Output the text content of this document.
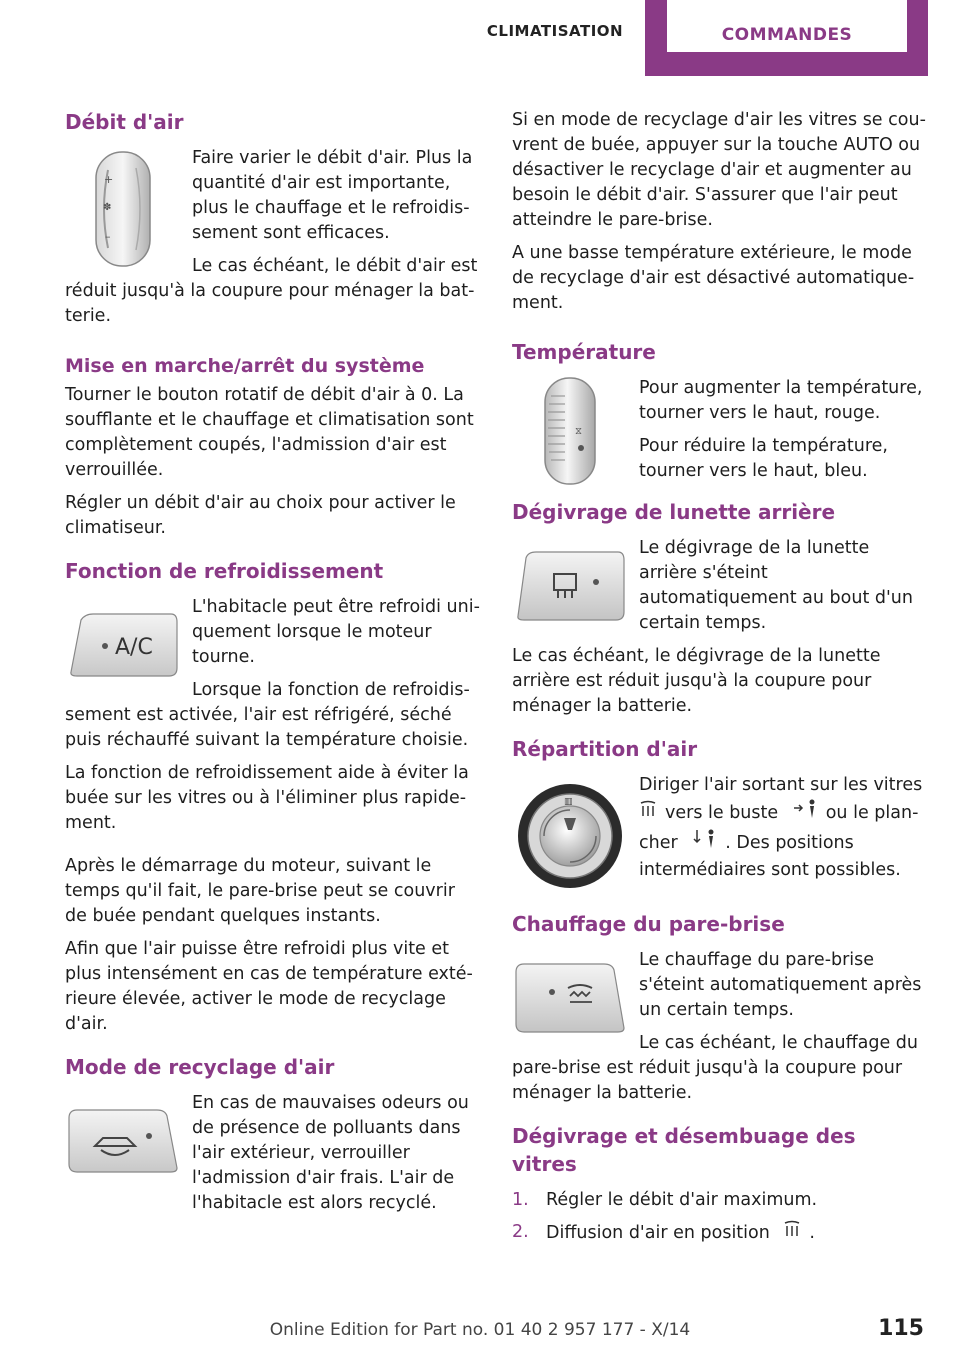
CLIMATISATION	COMMANDES
Débit d'air
+
✽
–

Faire varier le débit d'air. Plus la quantité d'air est importante, plus le chauffage et le refroidissement sont efficaces.

Le cas échéant, le débit d'air est réduit jusqu'à la coupure pour ménager la batterie.

Mise en marche/arrêt du système

Tourner le bouton rotatif de débit d'air à 0. La soufflante et le chauffage et climatisation sont complètement coupés, l'admission d'air est verrouillée.

Régler un débit d'air au choix pour activer le climatiseur.

Fonction de refroidissement
A/C

L'habitacle peut être refroidi uniquement lorsque le moteur tourne.

Lorsque la fonction de refroidissement est activée, l'air est réfrigéré, séché puis réchauffé suivant la température choisie.

La fonction de refroidissement aide à éviter la buée sur les vitres ou à l'éliminer plus rapidement.

Après le démarrage du moteur, suivant le temps qu'il fait, le pare-brise peut se couvrir de buée pendant quelques instants.

Afin que l'air puisse être refroidi plus vite et plus intensément en cas de température extérieure élevée, activer le mode de recyclage d'air.

Mode de recyclage d'air

En cas de mauvaises odeurs ou de présence de polluants dans l'air extérieur, verrouiller l'admission d'air frais. L'air de l'habitacle est alors recyclé.

Si en mode de recyclage d'air les vitres se couvrent de buée, appuyer sur la touche AUTO ou désactiver le recyclage d'air et augmenter au besoin le débit d'air. S'assurer que l'air peut atteindre le pare-brise.

A une basse température extérieure, le mode de recyclage d'air est désactivé automatiquement.

Température
⧖

Pour augmenter la température, tourner vers le haut, rouge.

Pour réduire la température, tourner vers le haut, bleu.

Dégivrage de lunette arrière

Le dégivrage de la lunette arrière s'éteint automatiquement au bout d'un certain temps.

Le cas échéant, le dégivrage de la lunette arrière est réduit jusqu'à la coupure pour ménager la batterie.

Répartition d'air
▥

Diriger l'air sortant sur les vitres
vers le buste	ou le plancher	. Des positions intermédiaires sont possibles.

Chauffage du pare-brise

Le chauffage du pare-brise s'éteint automatiquement après un certain temps.

Le cas échéant, le chauffage du pare-brise est réduit jusqu'à la coupure pour ménager la batterie.

Dégivrage et désembuage des vitres
1. Régler le débit d'air maximum.
2. Diffusion d'air en position .
115
Online Edition for Part no. 01 40 2 957 177 - X/14
